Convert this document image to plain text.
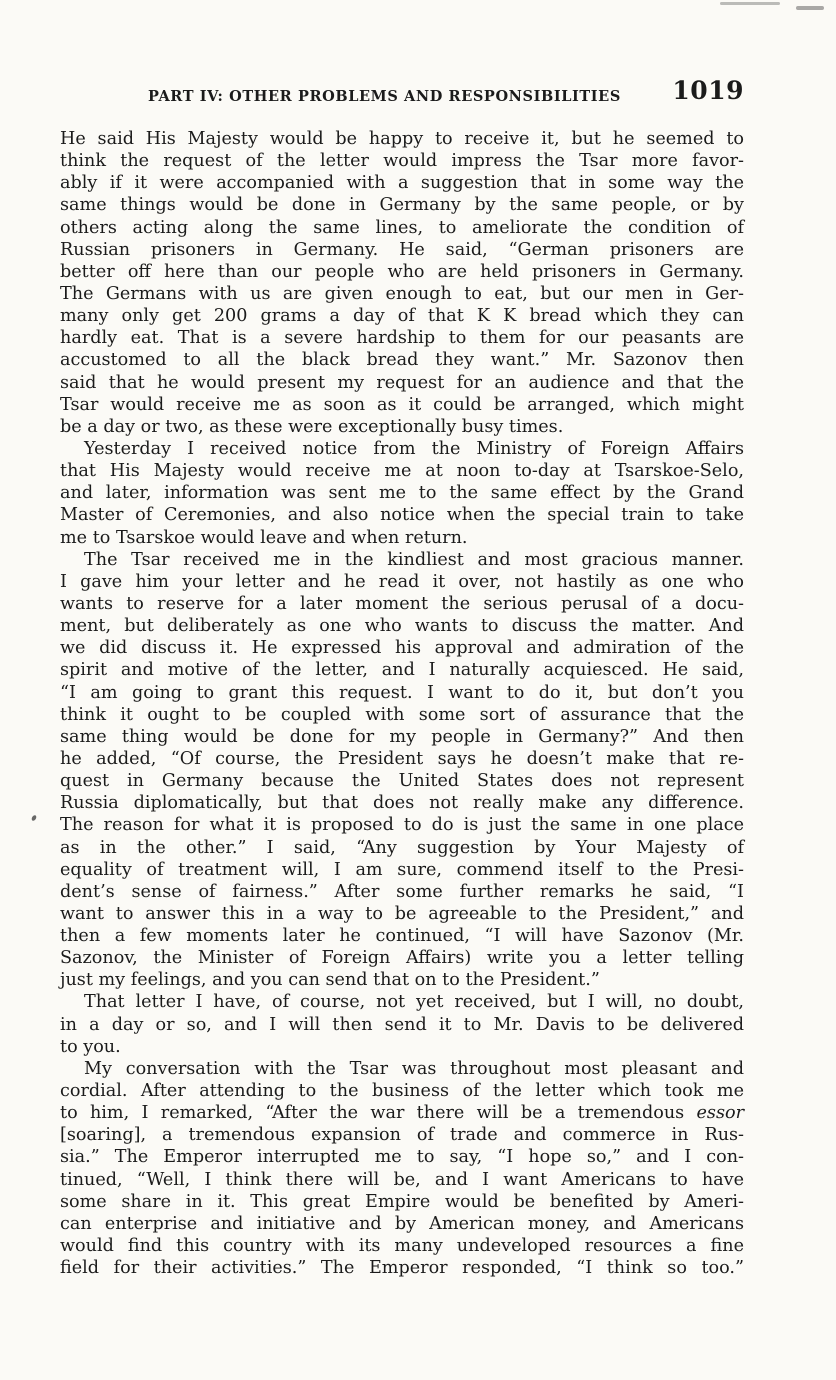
PART IV: OTHER PROBLEMS AND RESPONSIBILITIES 1019
He said His Majesty would be happy to receive it, but he seemed to
think the request of the letter would impress the Tsar more favor-
ably if it were accompanied with a suggestion that in some way the
same things would be done in Germany by the same people, or by
others acting along the same lines, to ameliorate the condition of
Russian prisoners in Germany. He said, “German prisoners are
better off here than our people who are held prisoners in Germany.
The Germans with us are given enough to eat, but our men in Ger-
many only get 200 grams a day of that K K bread which they can
hardly eat. That is a severe hardship to them for our peasants are
accustomed to all the black bread they want.” Mr. Sazonov then
said that he would present my request for an audience and that the
Tsar would receive me as soon as it could be arranged, which might
be a day or two, as these were exceptionally busy times.
Yesterday I received notice from the Ministry of Foreign Affairs
that His Majesty would receive me at noon to-day at Tsarskoe-Selo,
and later, information was sent me to the same effect by the Grand
Master of Ceremonies, and also notice when the special train to take
me to Tsarskoe would leave and when return.
The Tsar received me in the kindliest and most gracious manner.
I gave him your letter and he read it over, not hastily as one who
wants to reserve for a later moment the serious perusal of a docu-
ment, but deliberately as one who wants to discuss the matter. And
we did discuss it. He expressed his approval and admiration of the
spirit and motive of the letter, and I naturally acquiesced. He said,
“I am going to grant this request. I want to do it, but don’t you
think it ought to be coupled with some sort of assurance that the
same thing would be done for my people in Germany?” And then
he added, “Of course, the President says he doesn’t make that re-
quest in Germany because the United States does not represent
Russia diplomatically, but that does not really make any difference.
The reason for what it is proposed to do is just the same in one place
as in the other.” I said, “Any suggestion by Your Majesty of
equality of treatment will, I am sure, commend itself to the Presi-
dent’s sense of fairness.” After some further remarks he said, “I
want to answer this in a way to be agreeable to the President,” and
then a few moments later he continued, “I will have Sazonov (Mr.
Sazonov, the Minister of Foreign Affairs) write you a letter telling
just my feelings, and you can send that on to the President.”
That letter I have, of course, not yet received, but I will, no doubt,
in a day or so, and I will then send it to Mr. Davis to be delivered
to you.
My conversation with the Tsar was throughout most pleasant and
cordial. After attending to the business of the letter which took me
to him, I remarked, “After the war there will be a tremendous essor
[soaring], a tremendous expansion of trade and commerce in Rus-
sia.” The Emperor interrupted me to say, “I hope so,” and I con-
tinued, “Well, I think there will be, and I want Americans to have
some share in it. This great Empire would be benefited by Ameri-
can enterprise and initiative and by American money, and Americans
would find this country with its many undeveloped resources a fine
field for their activities.” The Emperor responded, “I think so too.”
